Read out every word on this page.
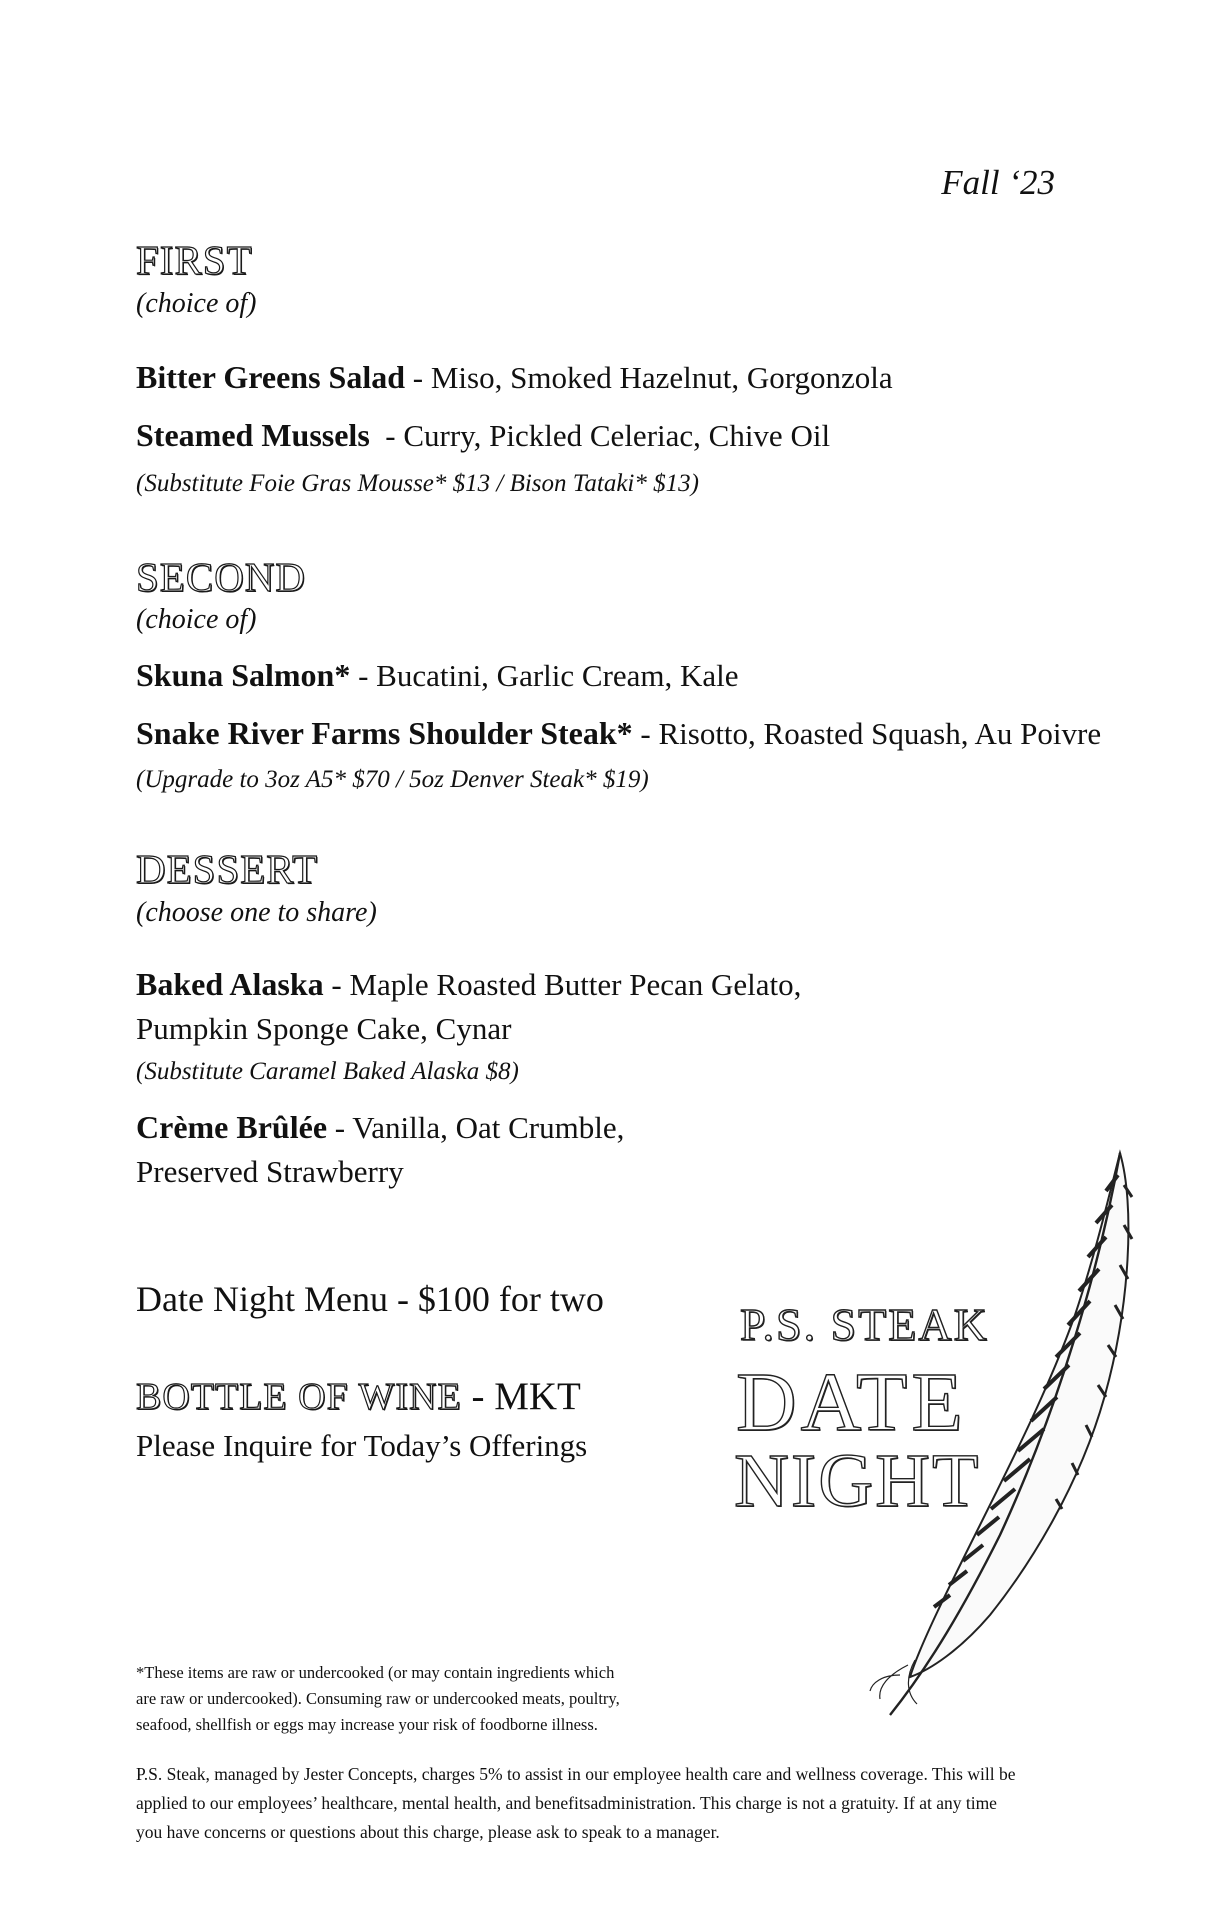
Fall ‘23
FIRST
(choice of)
Bitter Greens Salad - Miso, Smoked Hazelnut, Gorgonzola
Steamed Mussels  - Curry, Pickled Celeriac, Chive Oil
(Substitute Foie Gras Mousse* $13 / Bison Tataki* $13)
SECOND
(choice of)
Skuna Salmon* - Bucatini, Garlic Cream, Kale
Snake River Farms Shoulder Steak* - Risotto, Roasted Squash, Au Poivre
(Upgrade to 3oz A5* $70 / 5oz Denver Steak* $19)
DESSERT
(choose one to share)
Baked Alaska - Maple Roasted Butter Pecan Gelato,
Pumpkin Sponge Cake, Cynar
(Substitute Caramel Baked Alaska $8)
Crème Brûlée - Vanilla, Oat Crumble,
Preserved Strawberry
Date Night Menu - $100 for two
BOTTLE OF WINE - MKT
Please Inquire for Today’s Offerings
P.S. STEAK
DATE
NIGHT
*These items are raw or undercooked (or may contain ingredients which
are raw or undercooked). Consuming raw or undercooked meats, poultry,
seafood, shellfish or eggs may increase your risk of foodborne illness.
P.S. Steak, managed by Jester Concepts, charges 5% to assist in our employee health care and wellness coverage. This will be
applied to our employees’ healthcare, mental health, and benefitsadministration. This charge is not a gratuity. If at any time
you have concerns or questions about this charge, please ask to speak to a manager.
